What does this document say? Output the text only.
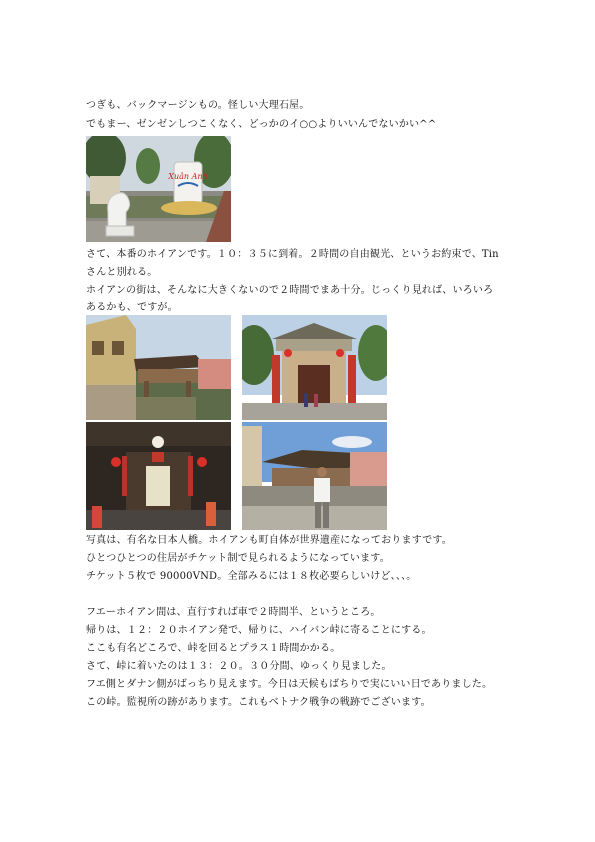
つぎも、バックマージンもの。怪しい大理石屋。
でもまー、ゼンゼンしつこくなく、どっかのイ○○よりいいんでないかい^^
Xuân Anh
さて、本番のホイアンです。１０：３５に到着。２時間の自由観光、というお約束で、Tin
さんと別れる。
ホイアンの街は、そんなに大きくないので２時間でまあ十分。じっくり見れば、いろいろ
あるかも、ですが。
写真は、有名な日本人橋。ホイアンも町自体が世界遺産になっておりますです。
ひとつひとつの住居がチケット制で見られるようになっています。
チケット５枚で 90000VND。全部みるには１８枚必要らしいけど、、、。
フエーホイアン間は、直行すれば車で２時間半、というところ。
帰りは、１２：２０ホイアン発で、帰りに、ハイバン峠に寄ることにする。
ここも有名どころで、峠を回るとプラス１時間かかる。
さて、峠に着いたのは１３：２０。３０分間、ゆっくり見ました。
フエ側とダナン側がばっちり見えます。今日は天候もばちりで実にいい日でありました。
この峠。監視所の跡があります。これもベトナク戦争の戦跡でございます。
